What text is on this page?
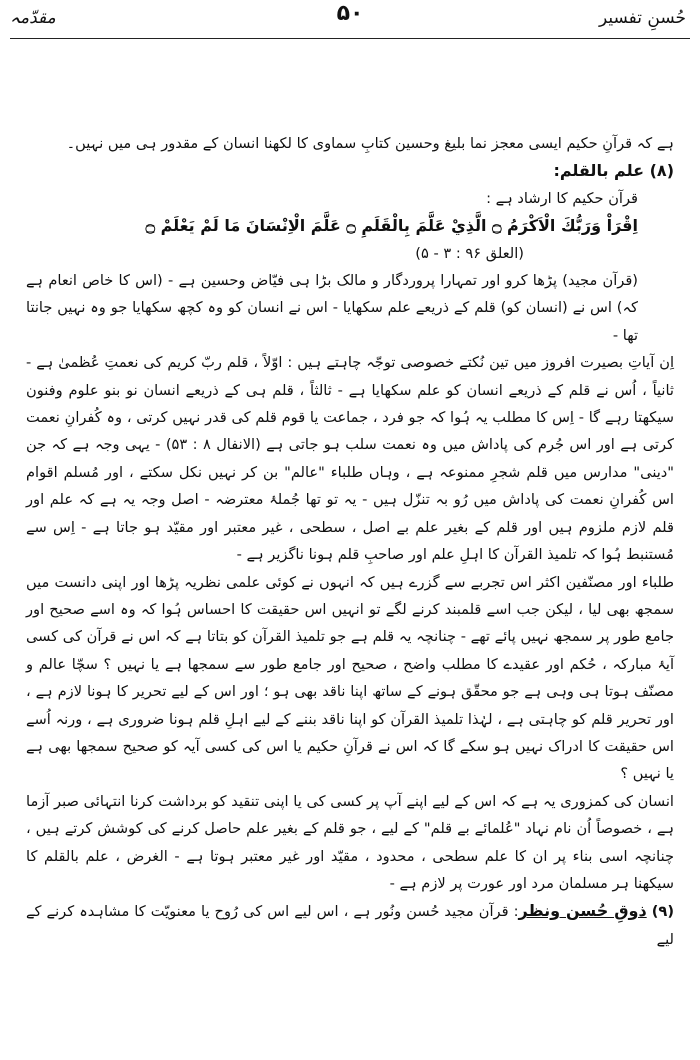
مقدّمہ	۵۰	حُسنِ تفسیر

ہے کہ قرآنِ حکیم ایسی معجز نما بلیغ وحسین کتابِ سماوی کا لکھنا انسان کے مقدور ہی میں نہیں۔

(۸) علم بالقلم:

قرآن حکیم کا ارشاد ہے :

اِقْرَاْ وَرَبُّكَ الْاَكْرَمُ ۝ الَّذِيْ عَلَّمَ بِالْقَلَمِ ۝ عَلَّمَ الْاِنْسَانَ مَا لَمْ يَعْلَمْ ۝

(العلق ۹۶ : ۳ - ۵)

(قرآن مجید) پڑھا کرو اور تمہارا پروردگار و مالک بڑا ہی فیّاض وحسین ہے - (اس کا خاص انعام ہے کہ) اس نے (انسان کو) قلم کے ذریعے علم سکھایا - اس نے انسان کو وہ کچھ سکھایا جو وہ نہیں جانتا تھا -

اِن آیاتِ بصیرت افروز میں تین نُکتے خصوصی توجّہ چاہتے ہیں : اوّلاً ، قلم ربّ کریم کی نعمتِ عُظمیٰ ہے - ثانیاً ، اُس نے قلم کے ذریعے انسان کو علم سکھایا ہے - ثالثاً ، قلم ہی کے ذریعے انسان نو بنو علوم وفنون سیکھتا رہے گا - اِس کا مطلب یہ ہُوا کہ جو فرد ، جماعت یا قوم قلم کی قدر نہیں کرتی ، وہ کُفرانِ نعمت کرتی ہے اور اس جُرم کی پاداش میں وہ نعمت سلب ہو جاتی ہے (الانفال ۸ : ۵۳) - یہی وجہ ہے کہ جن "دینی" مدارس میں قلم شجرِ ممنوعہ ہے ، وہاں طلباء "عالم" بن کر نہیں نکل سکتے ، اور مُسلم اقوام اس کُفرانِ نعمت کی پاداش میں رُو بہ تنزّل ہیں - یہ تو تھا جُملۂ معترضہ - اصل وجہ یہ ہے کہ علم اور قلم لازم ملزوم ہیں اور قلم کے بغیر علم بے اصل ، سطحی ، غیر معتبر اور مقیّد ہو جاتا ہے - اِس سے مُستنبط ہُوا کہ تلمیذ القرآن کا اہلِ علم اور صاحبِ قلم ہونا ناگزیر ہے -

طلباء اور مصنّفین اکثر اس تجربے سے گزرے ہیں کہ انہوں نے کوئی علمی نظریہ پڑھا اور اپنی دانست میں سمجھ بھی لیا ، لیکن جب اسے قلمبند کرنے لگے تو انہیں اس حقیقت کا احساس ہُوا کہ وہ اسے صحیح اور جامع طور پر سمجھ نہیں پائے تھے - چنانچہ یہ قلم ہے جو تلمیذ القرآن کو بتاتا ہے کہ اس نے قرآن کی کسی آیۂ مبارکہ ، حُکم اور عقیدے کا مطلب واضح ، صحیح اور جامع طور سے سمجھا ہے یا نہیں ؟ سچّا عالم و مصنّف ہوتا ہی وہی ہے جو محقّق ہونے کے ساتھ اپنا ناقد بھی ہو ؛ اور اس کے لیے تحریر کا ہونا لازم ہے ، اور تحریر قلم کو چاہتی ہے ، لہٰذا تلمیذ القرآن کو اپنا ناقد بننے کے لیے اہلِ قلم ہونا ضروری ہے ، ورنہ اُسے اس حقیقت کا ادراک نہیں ہو سکے گا کہ اس نے قرآنِ حکیم یا اس کی کسی آیہ کو صحیح سمجھا بھی ہے یا نہیں ؟

انسان کی کمزوری یہ ہے کہ اس کے لیے اپنے آپ پر کسی کی یا اپنی تنقید کو برداشت کرنا انتہائی صبر آزما ہے ، خصوصاً اُن نام نہاد "عُلمائے بے قلم" کے لیے ، جو قلم کے بغیر علم حاصل کرنے کی کوشش کرتے ہیں ، چنانچہ اسی بناء پر ان کا علم سطحی ، محدود ، مقیّد اور غیر معتبر ہوتا ہے - الغرض ، علم بالقلم کا سیکھنا ہر مسلمان مرد اور عورت پر لازم ہے -

(۹) ذوقِ حُسن ونظر: قرآن مجید حُسن ونُور ہے ، اس لیے اس کی رُوح یا معنویّت کا مشاہدہ کرنے کے لیے
